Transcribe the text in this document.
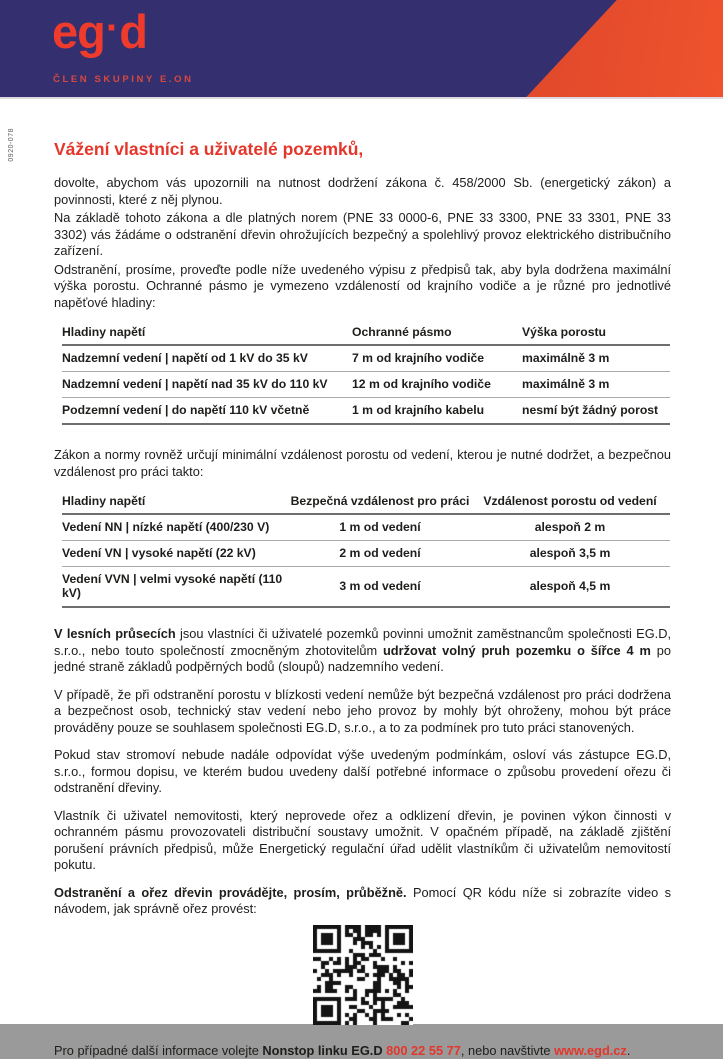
eg·d
ČLEN SKUPINY E.ON
0920-078 Vážení vlastníci a uživatelé pozemků,

dovolte, abychom vás upozornili na nutnost dodržení zákona č. 458/2000 Sb. (energetický zákon) a povinnosti, které z něj plynou.

Na základě tohoto zákona a dle platných norem (PNE 33 0000-6, PNE 33 3300, PNE 33 3301, PNE 33 3302) vás žádáme o odstranění dřevin ohrožujících bezpečný a spolehlivý provoz elektrického distribučního zařízení.

Odstranění, prosíme, proveďte podle níže uvedeného výpisu z předpisů tak, aby byla dodržena maximální výška porostu. Ochranné pásmo je vymezeno vzdáleností od krajního vodiče a je různé pro jednotlivé napěťové hladiny:

Hladiny napětí	Ochranné pásmo	Výška porostu
Nadzemní vedení | napětí od 1 kV do 35 kV	7 m od krajního vodiče	maximálně 3 m
Nadzemní vedení | napětí nad 35 kV do 110 kV	12 m od krajního vodiče	maximálně 3 m
Podzemní vedení | do napětí 110 kV včetně	1 m od krajního kabelu	nesmí být žádný porost

Zákon a normy rovněž určují minimální vzdálenost porostu od vedení, kterou je nutné dodržet, a bezpečnou vzdálenost pro práci takto:

Hladiny napětí	Bezpečná vzdálenost pro práci	Vzdálenost porostu od vedení
Vedení NN | nízké napětí (400/230 V)	1 m od vedení	alespoň 2 m
Vedení VN | vysoké napětí (22 kV)	2 m od vedení	alespoň 3,5 m
Vedení VVN | velmi vysoké napětí (110 kV)	3 m od vedení	alespoň 4,5 m

V lesních průsecích jsou vlastníci či uživatelé pozemků povinni umožnit zaměstnancům společnosti EG.D, s.r.o., nebo touto společností zmocněným zhotovitelům udržovat volný pruh pozemku o šířce 4 m po jedné straně základů podpěrných bodů (sloupů) nadzemního vedení.

V případě, že při odstranění porostu v blízkosti vedení nemůže být bezpečná vzdálenost pro práci dodržena a bezpečnost osob, technický stav vedení nebo jeho provoz by mohly být ohroženy, mohou být práce prováděny pouze se souhlasem společnosti EG.D, s.r.o., a to za podmínek pro tuto práci stanovených.

Pokud stav stromoví nebude nadále odpovídat výše uvedeným podmínkám, osloví vás zástupce EG.D, s.r.o., formou dopisu, ve kterém budou uvedeny další potřebné informace o způsobu provedení ořezu či odstranění dřeviny.

Vlastník či uživatel nemovitosti, který neprovede ořez a odklizení dřevin, je povinen výkon činnosti v ochranném pásmu provozovateli distribuční soustavy umožnit. V opačném případě, na základě zjištění porušení právních předpisů, může Energetický regulační úřad udělit vlastníkům či uživatelům nemovitostí pokutu.

Odstranění a ořez dřevin provádějte, prosím, průběžně. Pomocí QR kódu níže si zobrazíte video s návodem, jak správně ořez provést:

Pro případné další informace volejte Nonstop linku EG.D 800 22 55 77, nebo navštivte www.egd.cz.
